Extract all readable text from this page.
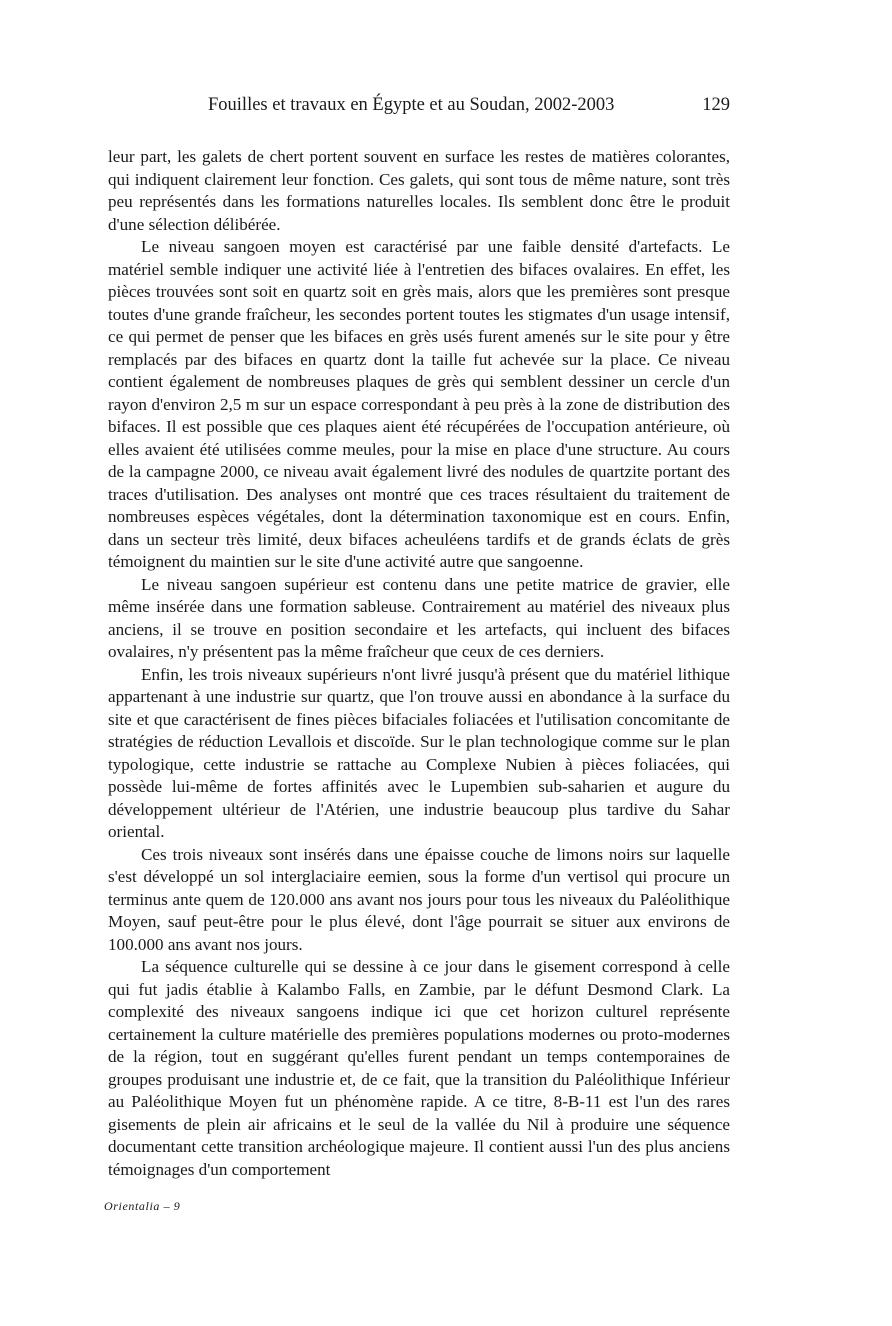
Fouilles et travaux en Égypte et au Soudan, 2002-2003	129

leur part, les galets de chert portent souvent en surface les restes de matières colorantes, qui indiquent clairement leur fonction. Ces galets, qui sont tous de même nature, sont très peu représentés dans les formations naturelles locales. Ils semblent donc être le produit d'une sélection délibérée.

Le niveau sangoen moyen est caractérisé par une faible densité d'artefacts. Le matériel semble indiquer une activité liée à l'entretien des bifaces ovalaires. En effet, les pièces trouvées sont soit en quartz soit en grès mais, alors que les premières sont presque toutes d'une grande fraîcheur, les secondes portent toutes les stigmates d'un usage intensif, ce qui permet de penser que les bifaces en grès usés furent amenés sur le site pour y être remplacés par des bifaces en quartz dont la taille fut achevée sur la place. Ce niveau contient également de nombreuses plaques de grès qui semblent dessiner un cercle d'un rayon d'environ 2,5 m sur un espace correspondant à peu près à la zone de distribution des bifaces. Il est possible que ces plaques aient été récupérées de l'occupation antérieure, où elles avaient été utilisées comme meules, pour la mise en place d'une structure. Au cours de la campagne 2000, ce niveau avait également livré des nodules de quartzite portant des traces d'utilisation. Des analyses ont montré que ces traces résultaient du traitement de nombreuses espèces végétales, dont la détermination taxonomique est en cours. Enfin, dans un secteur très limité, deux bifaces acheuléens tardifs et de grands éclats de grès témoignent du maintien sur le site d'une activité autre que sangoenne.

Le niveau sangoen supérieur est contenu dans une petite matrice de gravier, elle même insérée dans une formation sableuse. Contrairement au matériel des niveaux plus anciens, il se trouve en position secondaire et les artefacts, qui incluent des bifaces ovalaires, n'y présentent pas la même fraîcheur que ceux de ces derniers.

Enfin, les trois niveaux supérieurs n'ont livré jusqu'à présent que du matériel lithique appartenant à une industrie sur quartz, que l'on trouve aussi en abondance à la surface du site et que caractérisent de fines pièces bifaciales foliacées et l'utilisation concomitante de stratégies de réduction Levallois et discoïde. Sur le plan technologique comme sur le plan typologique, cette industrie se rattache au Complexe Nubien à pièces foliacées, qui possède lui-même de fortes affinités avec le Lupembien sub-saharien et augure du développement ultérieur de l'Atérien, une industrie beaucoup plus tardive du Sahar oriental.

Ces trois niveaux sont insérés dans une épaisse couche de limons noirs sur laquelle s'est développé un sol interglaciaire eemien, sous la forme d'un vertisol qui procure un terminus ante quem de 120.000 ans avant nos jours pour tous les niveaux du Paléolithique Moyen, sauf peut-être pour le plus élevé, dont l'âge pourrait se situer aux environs de 100.000 ans avant nos jours.

La séquence culturelle qui se dessine à ce jour dans le gisement correspond à celle qui fut jadis établie à Kalambo Falls, en Zambie, par le défunt Desmond Clark. La complexité des niveaux sangoens indique ici que cet horizon culturel représente certainement la culture matérielle des premières populations modernes ou proto-modernes de la région, tout en suggérant qu'elles furent pendant un temps contemporaines de groupes produisant une industrie et, de ce fait, que la transition du Paléolithique Inférieur au Paléolithique Moyen fut un phénomène rapide. A ce titre, 8-B-11 est l'un des rares gisements de plein air africains et le seul de la vallée du Nil à produire une séquence documentant cette transition archéologique majeure. Il contient aussi l'un des plus anciens témoignages d'un comportement

Orientalia – 9
